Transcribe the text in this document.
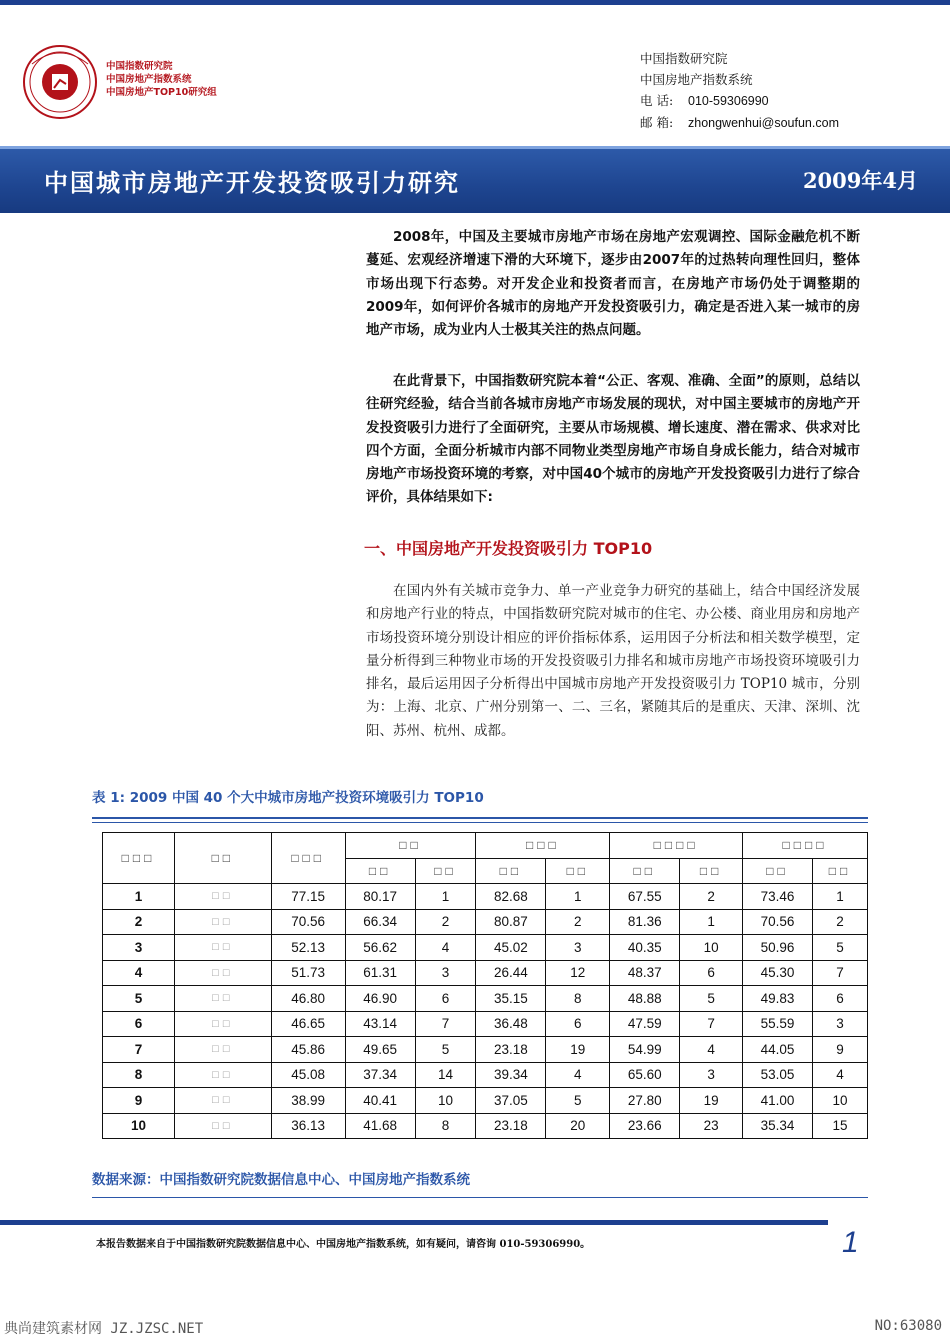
中国指数研究院
中国房地产指数系统
中国房地产TOP10研究组
中国指数研究院
中国房地产指数系统
电 话: 010-59306990
邮 箱: zhongwenhui@soufun.com
中国城市房地产开发投资吸引力研究	2009年4月
2008年，中国及主要城市房地产市场在房地产宏观调控、国际金融危机不断蔓延、宏观经济增速下滑的大环境下，逐步由2007年的过热转向理性回归，整体市场出现下行态势。对开发企业和投资者而言，在房地产市场仍处于调整期的2009年，如何评价各城市的房地产开发投资吸引力，确定是否进入某一城市的房地产市场，成为业内人士极其关注的热点问题。
在此背景下，中国指数研究院本着“公正、客观、准确、全面”的原则，总结以往研究经验，结合当前各城市房地产市场发展的现状，对中国主要城市的房地产开发投资吸引力进行了全面研究，主要从市场规模、增长速度、潜在需求、供求对比四个方面，全面分析城市内部不同物业类型房地产市场自身成长能力，结合对城市房地产市场投资环境的考察，对中国40个城市的房地产开发投资吸引力进行了综合评价，具体结果如下:
一、中国房地产开发投资吸引力 TOP10
在国内外有关城市竞争力、单一产业竞争力研究的基础上，结合中国经济发展和房地产行业的特点，中国指数研究院对城市的住宅、办公楼、商业用房和房地产市场投资环境分别设计相应的评价指标体系，运用因子分析法和相关数学模型，定量分析得到三种物业市场的开发投资吸引力排名和城市房地产市场投资环境吸引力排名，最后运用因子分析得出中国城市房地产开发投资吸引力 TOP10 城市，分别为：上海、北京、广州分别第一、二、三名，紧随其后的是重庆、天津、深圳、沈阳、苏州、杭州、成都。
表 1: 2009 中国 40 个大中城市房地产投资环境吸引力 TOP10
□□□	□□	□□□	□□		□□□		□□□□		□□□□	
			□□	□□	□□	□□	□□	□□	□□	□□
1	□□	77.15	80.17	1	82.68	1	67.55	2	73.46	1
2	□□	70.56	66.34	2	80.87	2	81.36	1	70.56	2
3	□□	52.13	56.62	4	45.02	3	40.35	10	50.96	5
4	□□	51.73	61.31	3	26.44	12	48.37	6	45.30	7
5	□□	46.80	46.90	6	35.15	8	48.88	5	49.83	6
6	□□	46.65	43.14	7	36.48	6	47.59	7	55.59	3
7	□□	45.86	49.65	5	23.18	19	54.99	4	44.05	9
8	□□	45.08	37.34	14	39.34	4	65.60	3	53.05	4
9	□□	38.99	40.41	10	37.05	5	27.80	19	41.00	10
10	□□	36.13	41.68	8	23.18	20	23.66	23	35.34	15
数据来源：中国指数研究院数据信息中心、中国房地产指数系统
本报告数据来自于中国指数研究院数据信息中心、中国房地产指数系统，如有疑问，请咨询 010-59306990。	1
典尚建筑素材网 JZ.JZSC.NET	NO:63080
